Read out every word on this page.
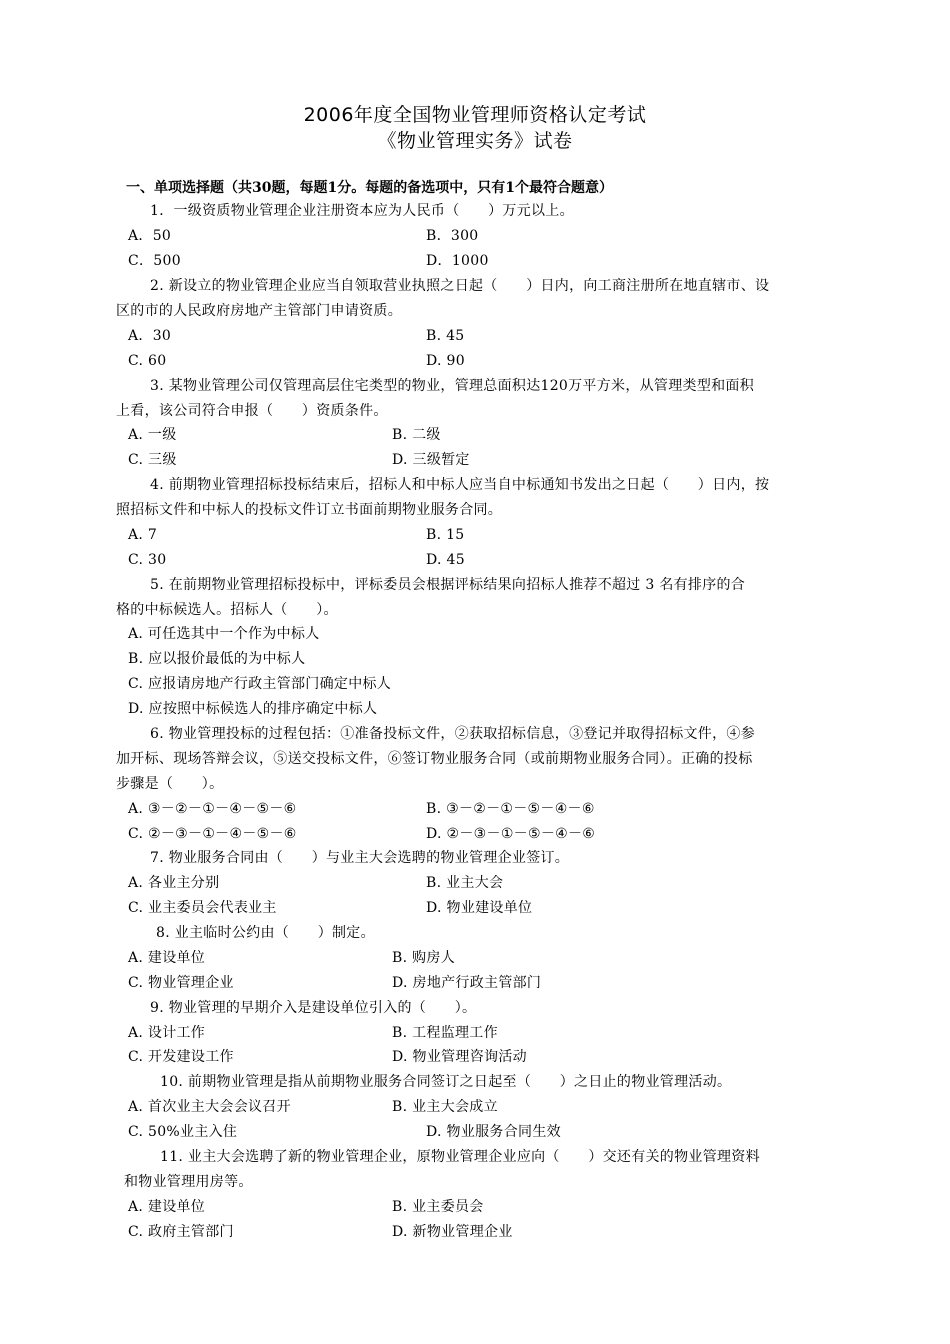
2006年度全国物业管理师资格认定考试
《物业管理实务》试卷
一、单项选择题（共30题，每题1分。每题的备选项中，只有1个最符合题意）
1．一级资质物业管理企业注册资本应为人民币（　　）万元以上。
A．50	B．300
C．500	D．1000
2. 新设立的物业管理企业应当自领取营业执照之日起（　　）日内，向工商注册所在地直辖市、设
区的市的人民政府房地产主管部门申请资质。
A．30	B. 45
C. 60	D. 90
3. 某物业管理公司仅管理高层住宅类型的物业，管理总面积达120万平方米，从管理类型和面积
上看，该公司符合申报（　　）资质条件。
A. 一级	B. 二级
C. 三级	D. 三级暂定
4. 前期物业管理招标投标结束后，招标人和中标人应当自中标通知书发出之日起（　　）日内，按
照招标文件和中标人的投标文件订立书面前期物业服务合同。
A. 7	B. 15
C. 30	D. 45
5. 在前期物业管理招标投标中，评标委员会根据评标结果向招标人推荐不超过 3 名有排序的合
格的中标候选人。招标人（　　）。
A. 可任选其中一个作为中标人
B. 应以报价最低的为中标人
C. 应报请房地产行政主管部门确定中标人
D. 应按照中标候选人的排序确定中标人
6. 物业管理投标的过程包括：①准备投标文件，②获取招标信息，③登记并取得招标文件，④参
加开标、现场答辩会议，⑤送交投标文件，⑥签订物业服务合同（或前期物业服务合同）。正确的投标
步骤是（　　）。
A. ③－②－①－④－⑤－⑥	B. ③－②－①－⑤－④－⑥
C. ②－③－①－④－⑤－⑥	D. ②－③－①－⑤－④－⑥
7. 物业服务合同由（　　）与业主大会选聘的物业管理企业签订。
A. 各业主分别	B. 业主大会
C. 业主委员会代表业主	D. 物业建设单位
8. 业主临时公约由（　　）制定。
A. 建设单位	B. 购房人
C. 物业管理企业	D. 房地产行政主管部门
9. 物业管理的早期介入是建设单位引入的（　　）。
A. 设计工作	B. 工程监理工作
C. 开发建设工作	D. 物业管理咨询活动
10. 前期物业管理是指从前期物业服务合同签订之日起至（　　）之日止的物业管理活动。
A. 首次业主大会会议召开	B. 业主大会成立
C. 50%业主入住	D. 物业服务合同生效
11. 业主大会选聘了新的物业管理企业，原物业管理企业应向（　　）交还有关的物业管理资料
和物业管理用房等。
A. 建设单位	B. 业主委员会
C. 政府主管部门	D. 新物业管理企业
